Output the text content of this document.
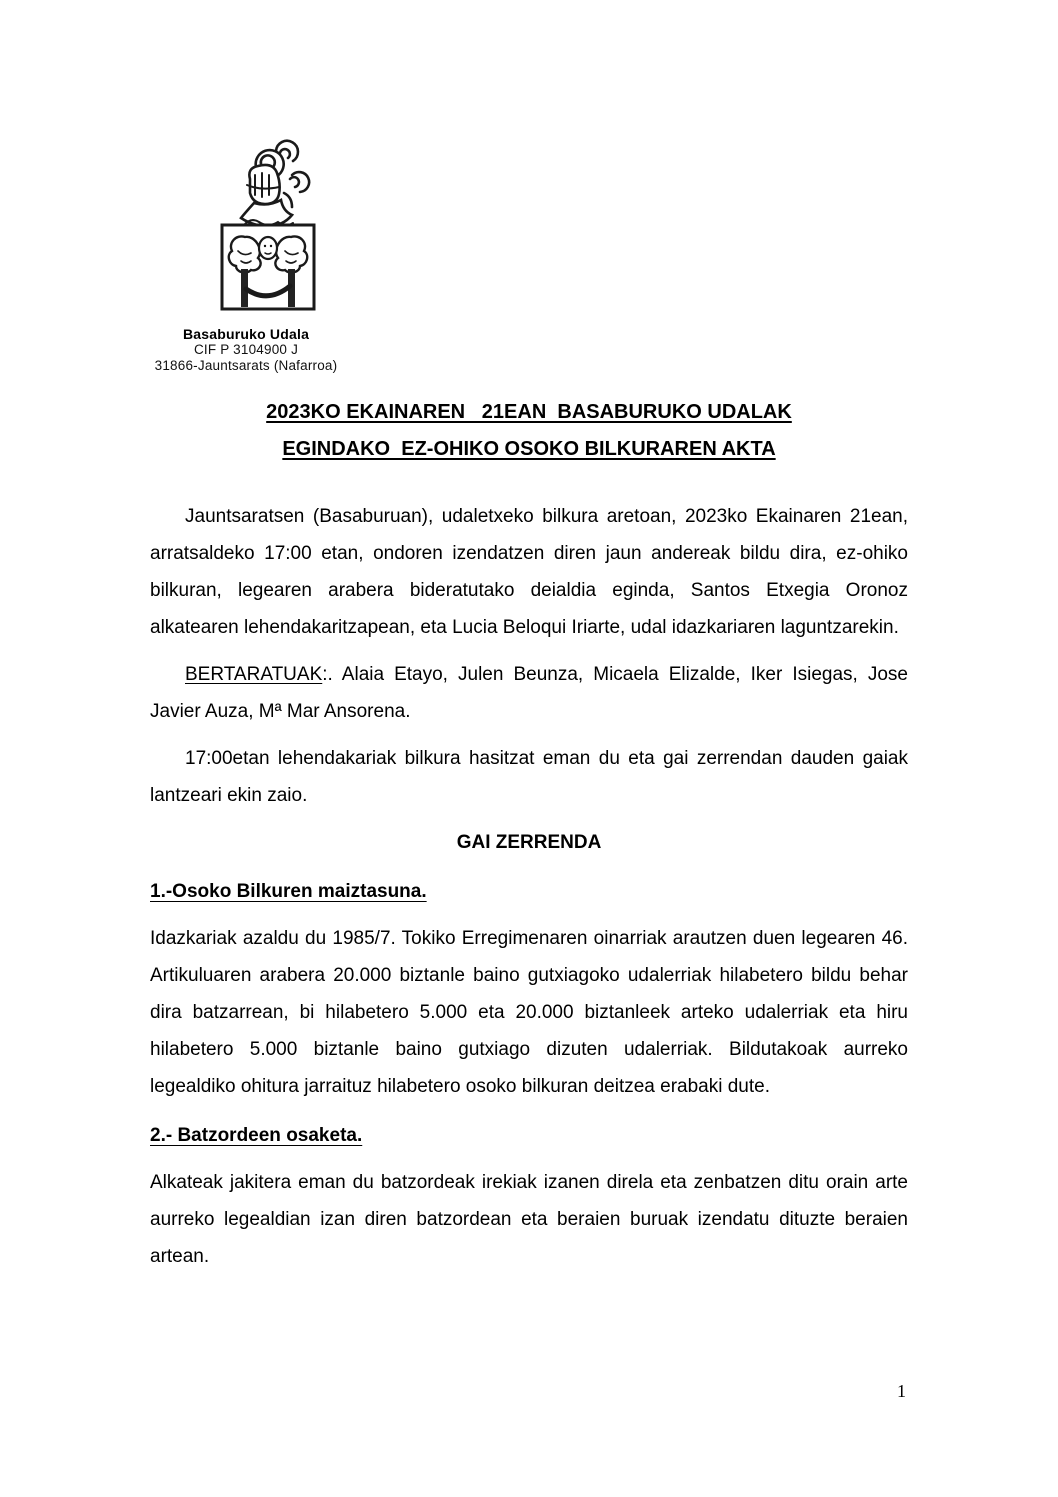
Basaburuko Udala
CIF P 3104900 J
31866-Jauntsarats (Nafarroa)
2023KO EKAINAREN   21EAN  BASABURUKO UDALAK
EGINDAKO  EZ-OHIKO OSOKO BILKURAREN AKTA

Jauntsaratsen (Basaburuan), udaletxeko bilkura aretoan, 2023ko Ekainaren 21ean, arratsaldeko 17:00 etan, ondoren izendatzen diren jaun andereak bildu dira, ez-ohiko bilkuran, legearen arabera bideratutako deialdia eginda, Santos Etxegia Oronoz alkatearen lehendakaritzapean, eta Lucia Beloqui Iriarte, udal idazkariaren laguntzarekin.

BERTARATUAK:. Alaia Etayo, Julen Beunza, Micaela Elizalde, Iker Isiegas, Jose Javier Auza, Mª Mar Ansorena.

17:00etan lehendakariak bilkura hasitzat eman du eta gai zerrendan dauden gaiak lantzeari ekin zaio.

GAI ZERRENDA
1.-Osoko Bilkuren maiztasuna.

Idazkariak azaldu du 1985/7. Tokiko Erregimenaren oinarriak arautzen duen legearen 46. Artikuluaren arabera 20.000 biztanle baino gutxiagoko udalerriak hilabetero bildu behar dira batzarrean, bi hilabetero 5.000 eta 20.000 biztanleek arteko udalerriak eta hiru hilabetero 5.000 biztanle baino gutxiago dizuten udalerriak. Bildutakoak aurreko legealdiko ohitura jarraituz hilabetero osoko bilkuran deitzea erabaki dute.

2.- Batzordeen osaketa.

Alkateak jakitera eman du batzordeak irekiak izanen direla eta zenbatzen ditu orain arte aurreko legealdian izan diren batzordean eta beraien buruak izendatu dituzte beraien artean.

1
